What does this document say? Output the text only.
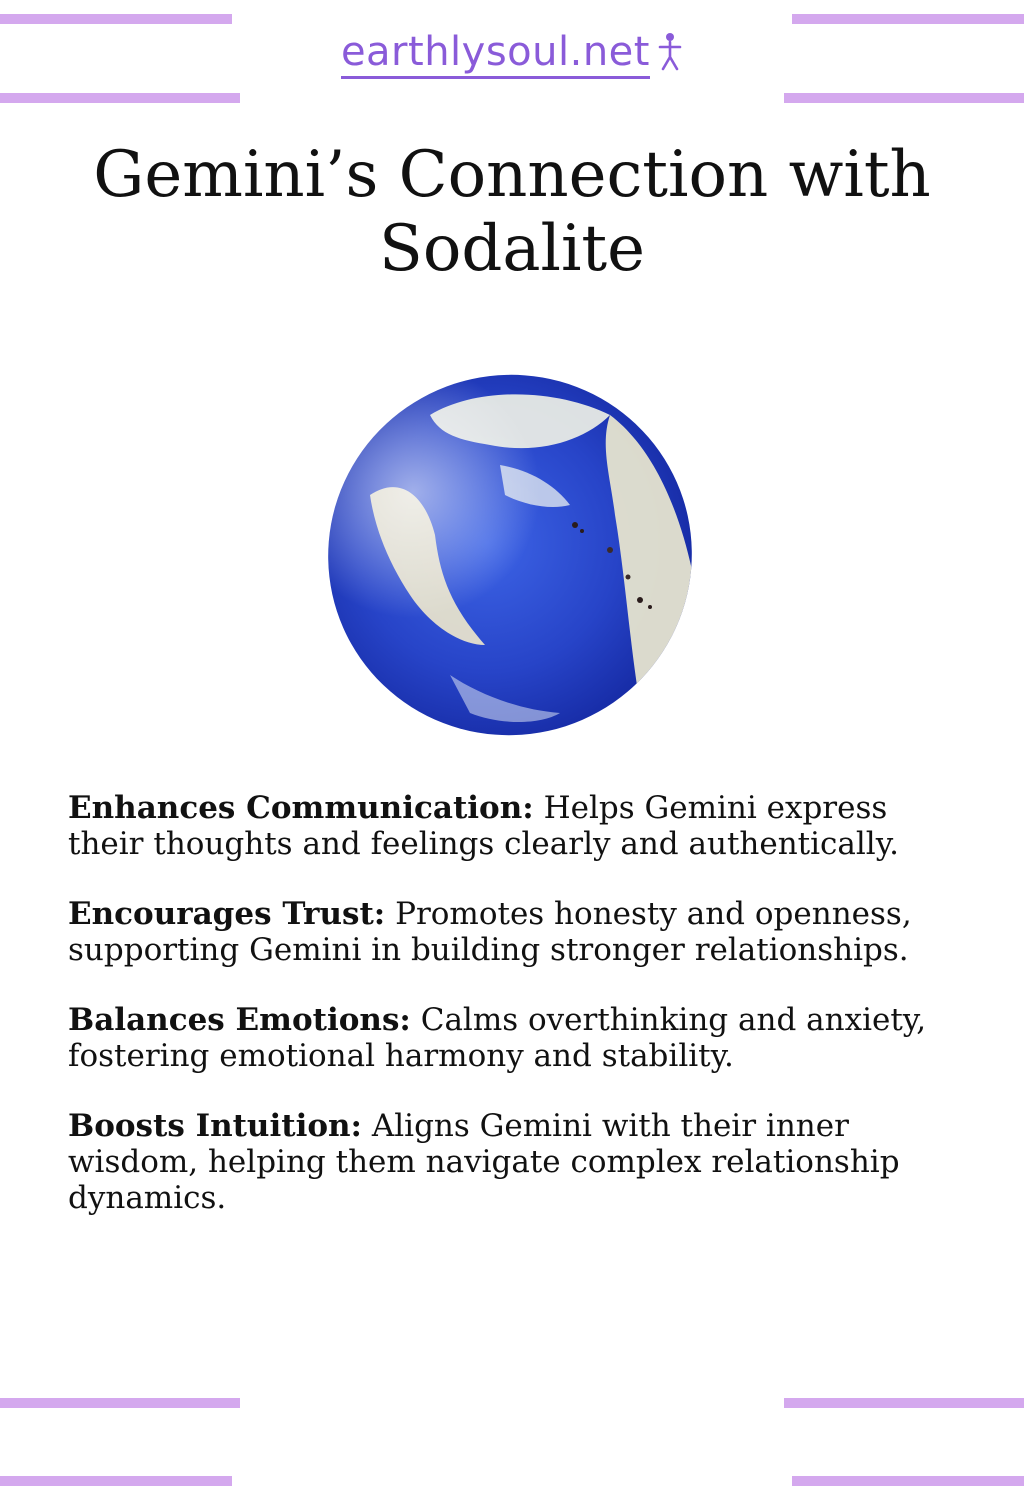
earthlysoul.net
Gemini’s Connection with Sodalite

Enhances Communication: Helps Gemini express their thoughts and feelings clearly and authentically.

Encourages Trust: Promotes honesty and openness, supporting Gemini in building stronger relationships.

Balances Emotions: Calms overthinking and anxiety, fostering emotional harmony and stability.

Boosts Intuition: Aligns Gemini with their inner wisdom, helping them navigate complex relationship dynamics.
